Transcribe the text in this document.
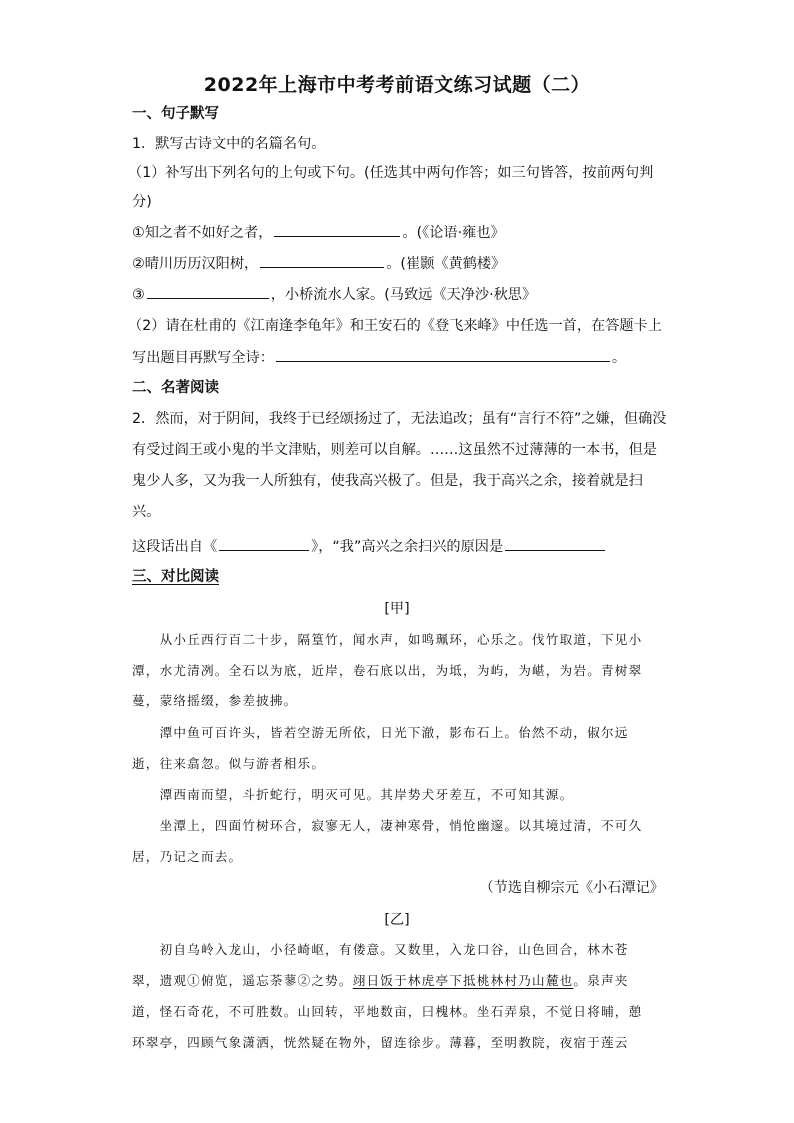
2022年上海市中考考前语文练习试题（二）
一、句子默写
1．默写古诗文中的名篇名句。
（1）补写出下列名句的上句或下句。(任选其中两句作答；如三句皆答，按前两句判
分)
①知之者不如好之者，	。(《论语·雍也》
②晴川历历汉阳树，	。(崔颢《黄鹤楼》
③	，小桥流水人家。(马致远《天净沙·秋思》
（2）请在杜甫的《江南逢李龟年》和王安石的《登飞来峰》中任选一首，在答题卡上
写出题目再默写全诗：	。
二、名著阅读
2．然而，对于阴间，我终于已经颂扬过了，无法追改；虽有“言行不符”之嫌，但确没
有受过阎王或小鬼的半文津贴，则差可以自解。……这虽然不过薄薄的一本书，但是
鬼少人多，又为我一人所独有，使我高兴极了。但是，我于高兴之余，接着就是扫
兴。
这段话出自《	》，“我”高兴之余扫兴的原因是
三、对比阅读
[甲]
　　从小丘西行百二十步，隔篁竹，闻水声，如鸣珮环，心乐之。伐竹取道，下见小
潭，水尤清冽。全石以为底，近岸，卷石底以出，为坻，为屿，为嵁，为岩。青树翠
蔓，蒙络摇缀，参差披拂。
　　潭中鱼可百许头，皆若空游无所依，日光下澈，影布石上。佁然不动，俶尔远
逝，往来翕忽。似与游者相乐。
　　潭西南而望，斗折蛇行，明灭可见。其岸势犬牙差互，不可知其源。
　　坐潭上，四面竹树环合，寂寥无人，凄神寒骨，悄怆幽邃。以其境过清，不可久
居，乃记之而去。
（节选自柳宗元《小石潭记》
[乙]
　　初自乌岭入龙山，小径崎岖，有偻意。又数里，入龙口谷，山色回合，林木苍
翠，遗观①俯览，遥忘荼蓼②之势。翊日饭于林虎亭下抵桃林村乃山麓也。泉声夹
道，怪石奇花，不可胜数。山回转，平地数亩，曰槐林。坐石弄泉，不觉日将晡，憩
环翠亭，四顾气象潇洒，恍然疑在物外，留连徐步。薄暮，至明教院，夜宿于莲云
